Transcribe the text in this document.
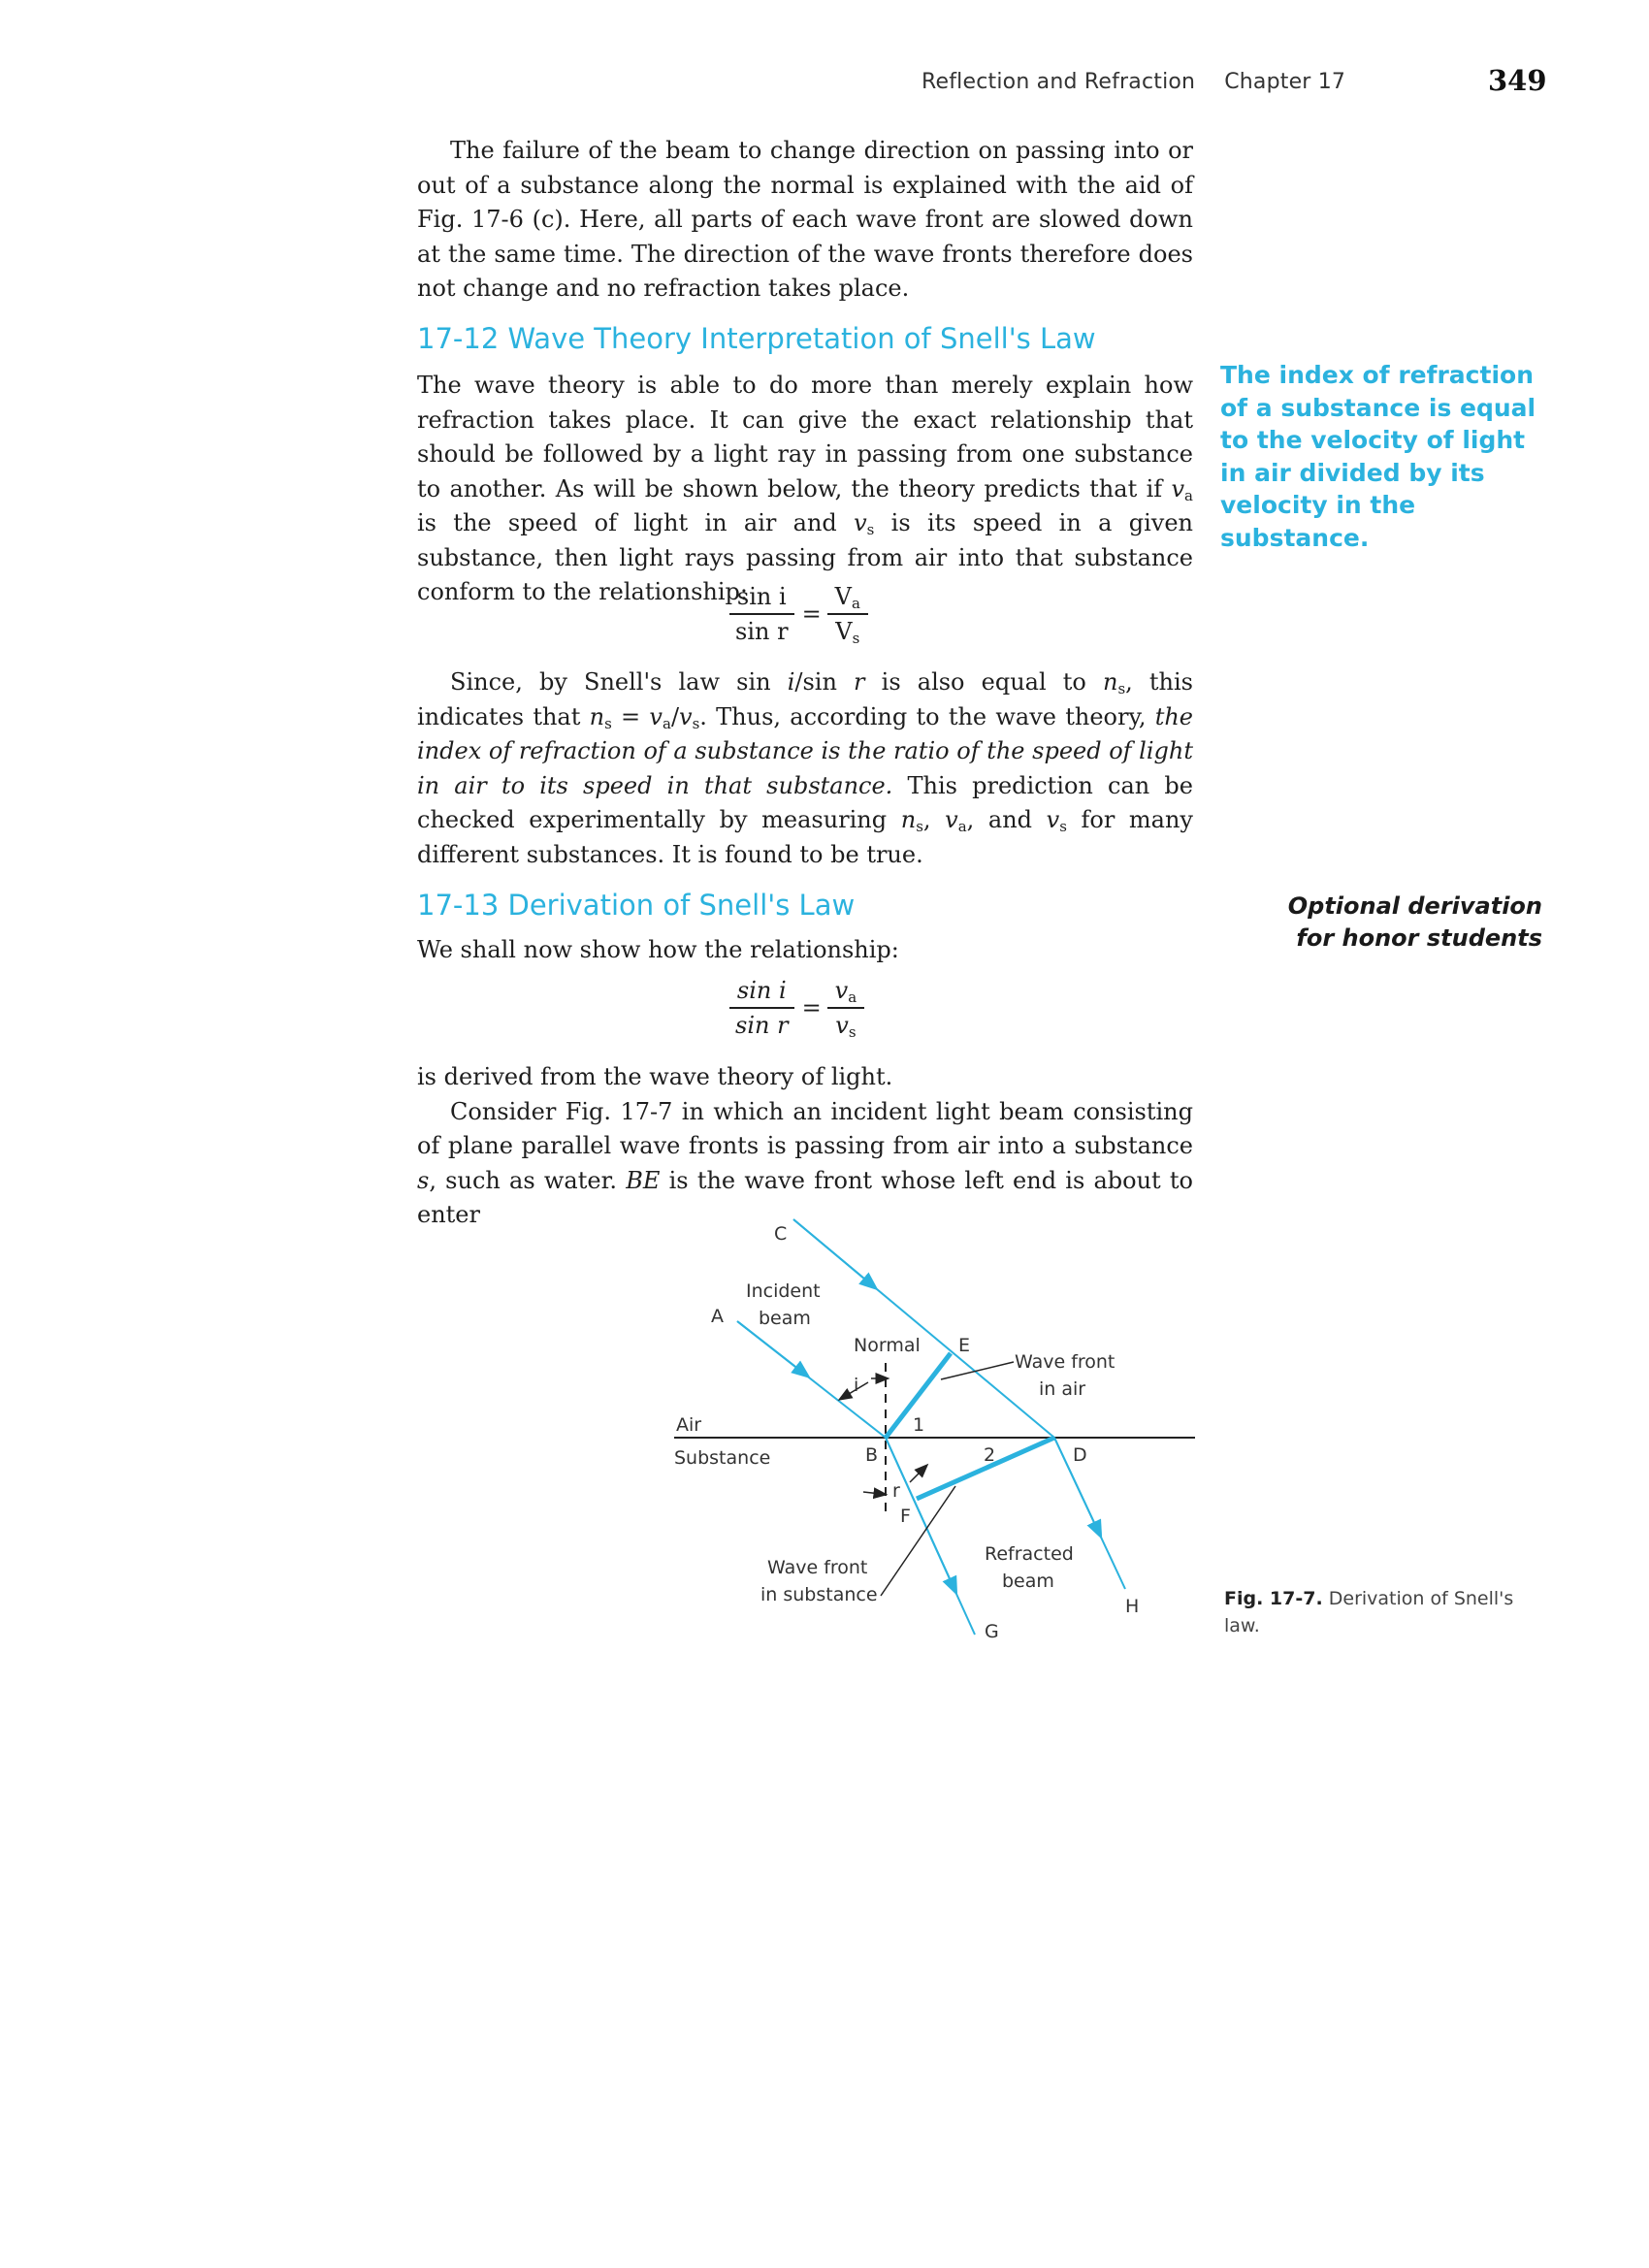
Reflection and Refraction Chapter 17	349

The failure of the beam to change direction on passing into or out of a substance along the normal is explained with the aid of Fig. 17-6 (c). Here, all parts of each wave front are slowed down at the same time. The direction of the wave fronts therefore does not change and no refraction takes place.

17-12 Wave Theory Interpretation of Snell's Law

The wave theory is able to do more than merely explain how refraction takes place. It can give the exact relationship that should be followed by a light ray in passing from one substance to another. As will be shown below, the theory predicts that if $v_a$ is the speed of light in air and $v_s$ is its speed in a given substance, then light rays passing from air into that substance conform to the relationship:

$\frac{\text{sin i}}{\text{sin r}} = \frac{V_a}{V_s}$

Since, by Snell's law sin i/sin r is also equal to $n_s$, this indicates that $n_s = v_a/v_s$. Thus, according to the wave theory, the index of refraction of a substance is the ratio of the speed of light in air to its speed in that substance. This prediction can be checked experimentally by measuring $n_s$, $v_a$, and $v_s$ for many different substances. It is found to be true.

The index of refraction of a substance is equal to the velocity of light in air divided by its velocity in the substance.
17-13 Derivation of Snell's Law	Optional derivation for honor students

We shall now show how the relationship:

$\frac{\text{sin i}}{\text{sin r}} = \frac{v_a}{v_s}$

is derived from the wave theory of light.

Consider Fig. 17-7 in which an incident light beam consisting of plane parallel wave fronts is passing from air into a substance s, such as water. BE is the wave front whose left end is about to enter

C
A
Incident
beam
Normal E
Wave front
in air
i
1
Air
Substance	B	2	D
r
F
Refracted
beam
Wave front
in substance
H
G
Fig. 17-7. Derivation of Snell's law.
